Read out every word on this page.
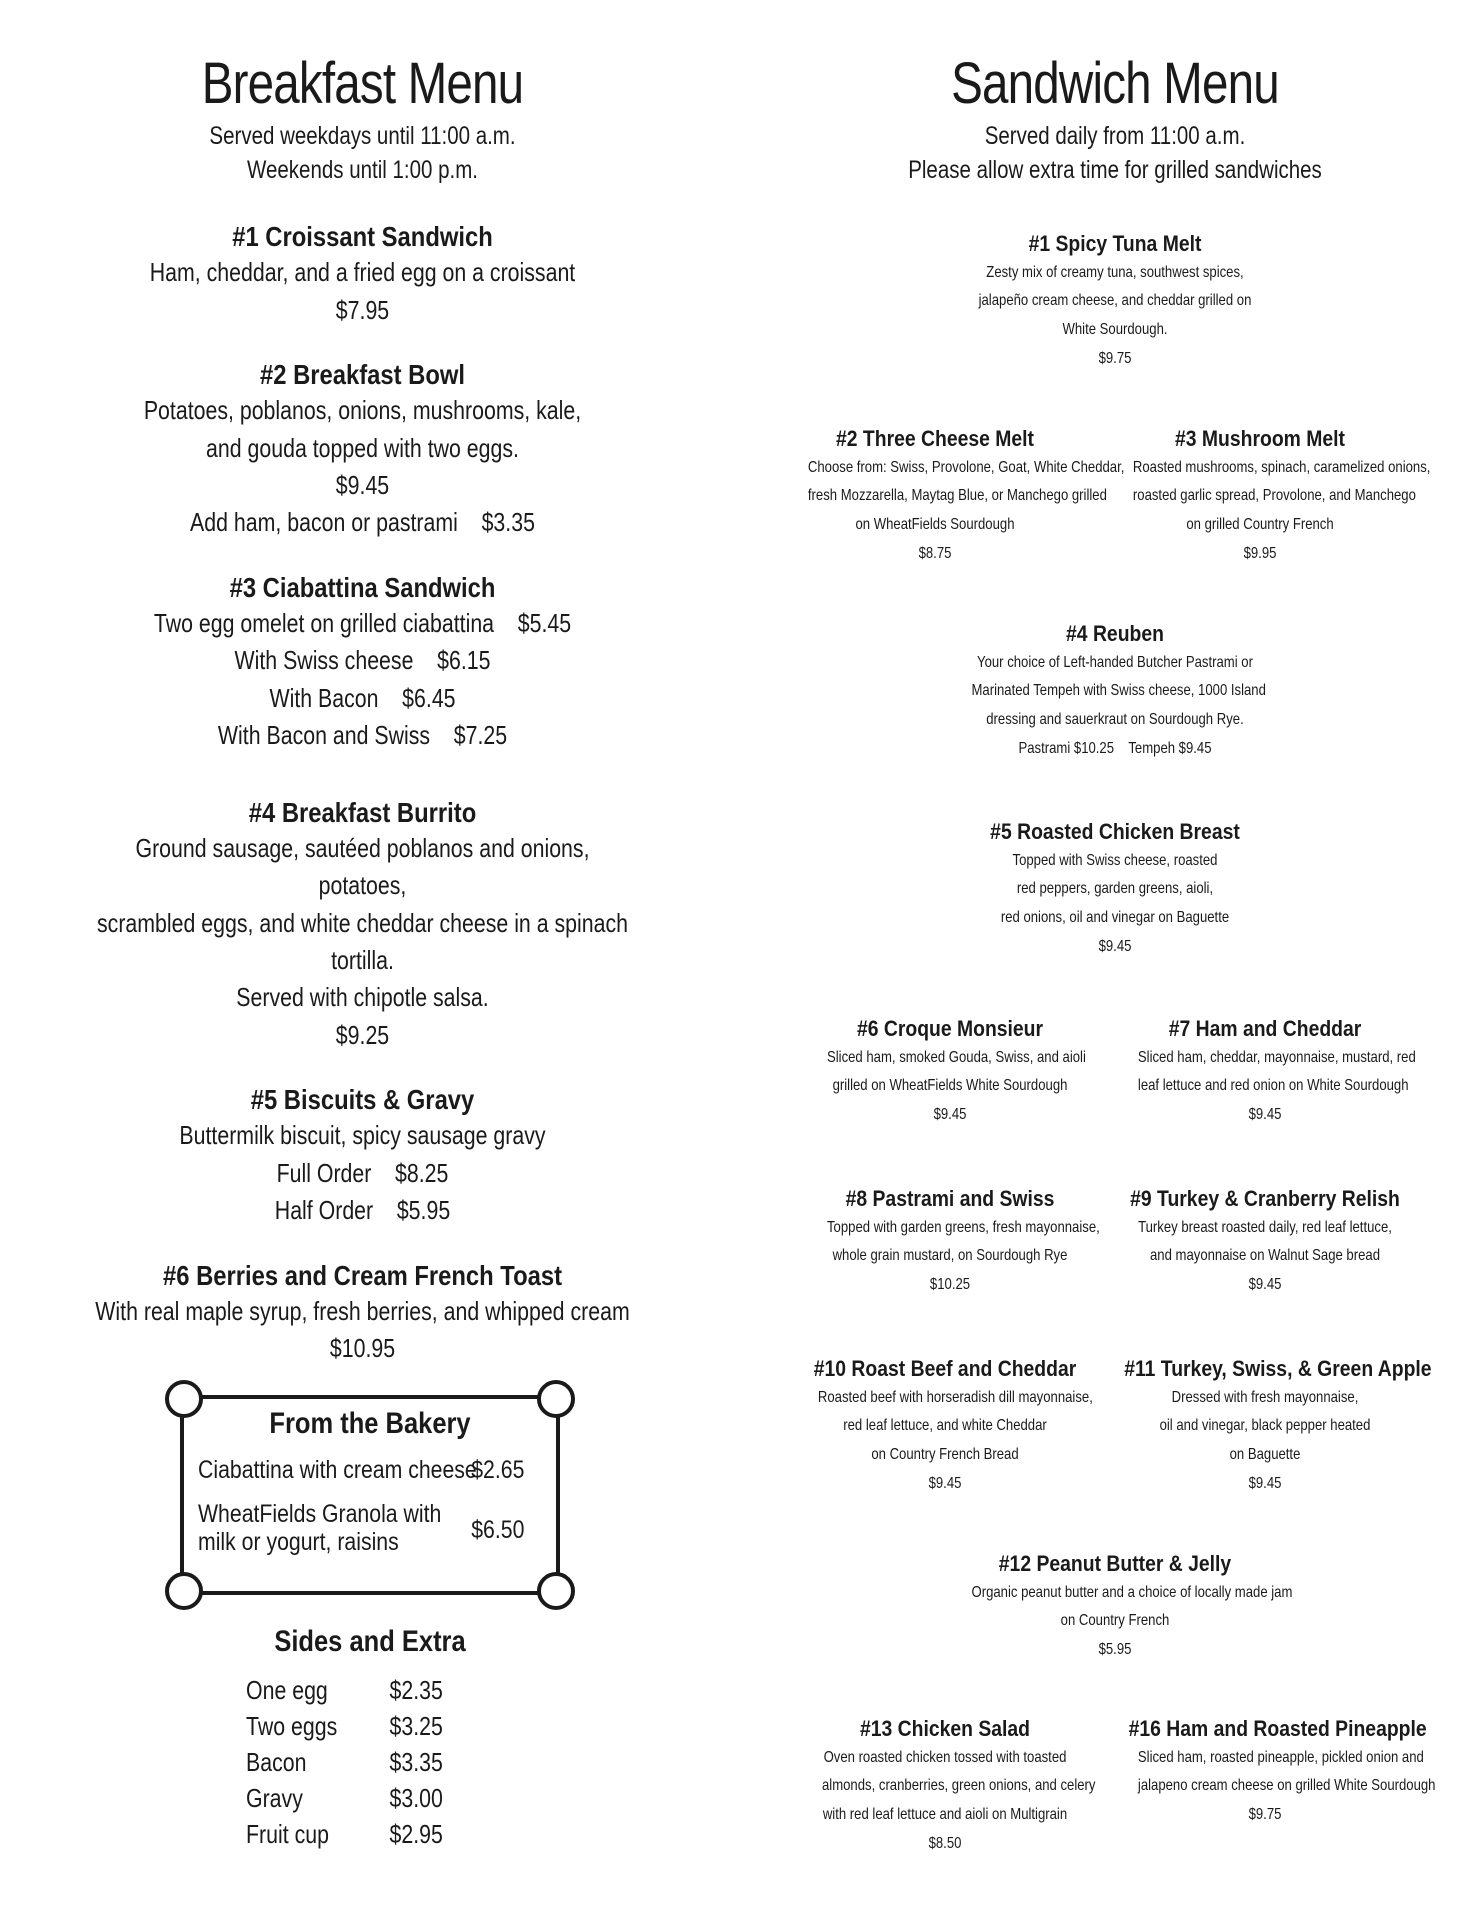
Breakfast Menu
Served weekdays until 11:00 a.m.
Weekends until 1:00 p.m.
#1 Croissant Sandwich
Ham, cheddar, and a fried egg on a croissant
$7.95
#2 Breakfast Bowl
Potatoes, poblanos, onions, mushrooms, kale,
and gouda topped with two eggs.
$9.45
Add ham, bacon or pastrami    $3.35
#3 Ciabattina Sandwich
Two egg omelet on grilled ciabattina    $5.45
With Swiss cheese    $6.15
With Bacon    $6.45
With Bacon and Swiss    $7.25
#4 Breakfast Burrito
Ground sausage, sautéed poblanos and onions, potatoes,
scrambled eggs, and white cheddar cheese in a spinach tortilla.
Served with chipotle salsa.
$9.25
#5 Biscuits & Gravy
Buttermilk biscuit, spicy sausage gravy
Full Order    $8.25
Half Order    $5.95
#6 Berries and Cream French Toast
With real maple syrup, fresh berries, and whipped cream
$10.95
From the Bakery
Ciabattina with cream cheese
$2.65
WheatFields Granola with
milk or yogurt, raisins	$6.50
Sides and Extra
One egg $2.35
Two eggs $3.25
Bacon	$3.35
Gravy	$3.00
Fruit cup $2.95
Sandwich Menu
Served daily from 11:00 a.m.
Please allow extra time for grilled sandwiches
#1 Spicy Tuna Melt
Zesty mix of creamy tuna, southwest spices,
jalapeño cream cheese, and cheddar grilled on
White Sourdough.
$9.75
#2 Three Cheese Melt
Choose from: Swiss, Provolone, Goat, White Cheddar,
fresh Mozzarella, Maytag Blue, or Manchego grilled
on WheatFields Sourdough
$8.75
#3 Mushroom Melt
Roasted mushrooms, spinach, caramelized onions,
roasted garlic spread, Provolone, and Manchego
on grilled Country French
$9.95
#4 Reuben
Your choice of Left-handed Butcher Pastrami or
Marinated Tempeh with Swiss cheese, 1000 Island
dressing and sauerkraut on Sourdough Rye.
Pastrami $10.25    Tempeh $9.45
#5 Roasted Chicken Breast
Topped with Swiss cheese, roasted
red peppers, garden greens, aioli,
red onions, oil and vinegar on Baguette
$9.45
#6 Croque Monsieur
Sliced ham, smoked Gouda, Swiss, and aioli
grilled on WheatFields White Sourdough
$9.45
#7 Ham and Cheddar
Sliced ham, cheddar, mayonnaise, mustard, red
leaf lettuce and red onion on White Sourdough
$9.45
#8 Pastrami and Swiss
Topped with garden greens, fresh mayonnaise,
whole grain mustard, on Sourdough Rye
$10.25
#9 Turkey & Cranberry Relish
Turkey breast roasted daily, red leaf lettuce,
and mayonnaise on Walnut Sage bread
$9.45
#10 Roast Beef and Cheddar
Roasted beef with horseradish dill mayonnaise,
red leaf lettuce, and white Cheddar
on Country French Bread
$9.45
#11 Turkey, Swiss, & Green Apple
Dressed with fresh mayonnaise,
oil and vinegar, black pepper heated
on Baguette
$9.45
#12 Peanut Butter & Jelly
Organic peanut butter and a choice of locally made jam
on Country French
$5.95
#13 Chicken Salad
Oven roasted chicken tossed with toasted
almonds, cranberries, green onions, and celery
with red leaf lettuce and aioli on Multigrain
$8.50
#16 Ham and Roasted Pineapple
Sliced ham, roasted pineapple, pickled onion and
jalapeno cream cheese on grilled White Sourdough
$9.75
